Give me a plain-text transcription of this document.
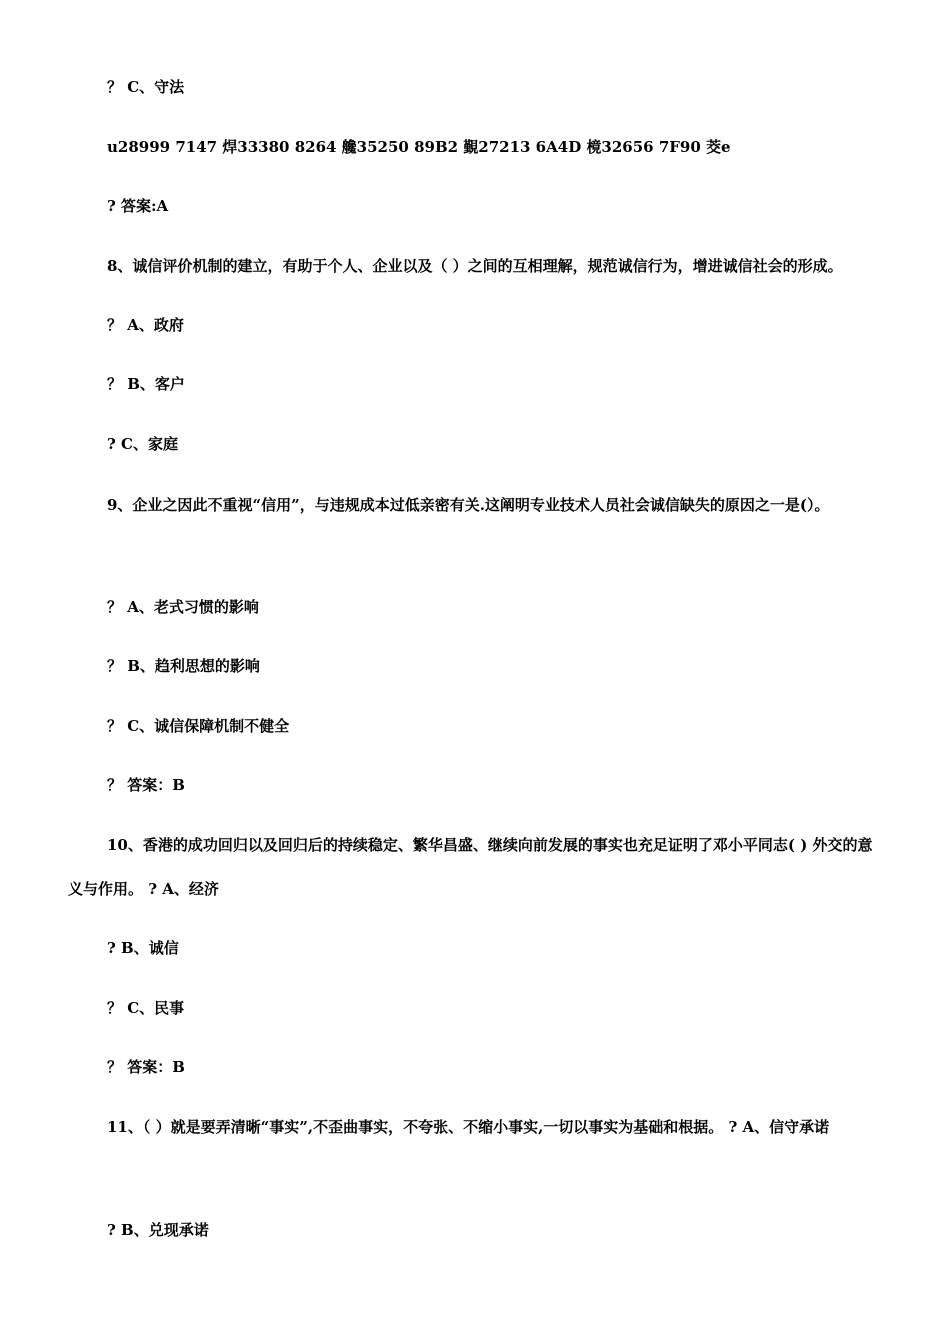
？ C、守法
u28999 7147 焊33380 8264 艬35250 89B2 覲27213 6A4D 樈32656 7F90 茭e
? 答案:A
8、诚信评价机制的建立，有助于个人、企业以及（ ）之间的互相理解，规范诚信行为，增进诚信社会的形成。
？ A、政府
？ B、客户
? C、家庭
9、企业之因此不重视“信用”，与违规成本过低亲密有关.这阐明专业技术人员社会诚信缺失的原因之一是(）。
？ A、老式习惯的影响
？ B、趋利思想的影响
？ C、诚信保障机制不健全
？ 答案：B
10、香港的成功回归以及回归后的持续稳定、繁华昌盛、继续向前发展的事实也充足证明了邓小平同志( ) 外交的意义与作用。 ? A、经济
? B、诚信
？ C、民事
？ 答案：B
11、（ ）就是要弄清晰“事实”,不歪曲事实，不夸张、不缩小事实,一切以事实为基础和根据。 ? A、信守承诺
? B、兑现承诺
